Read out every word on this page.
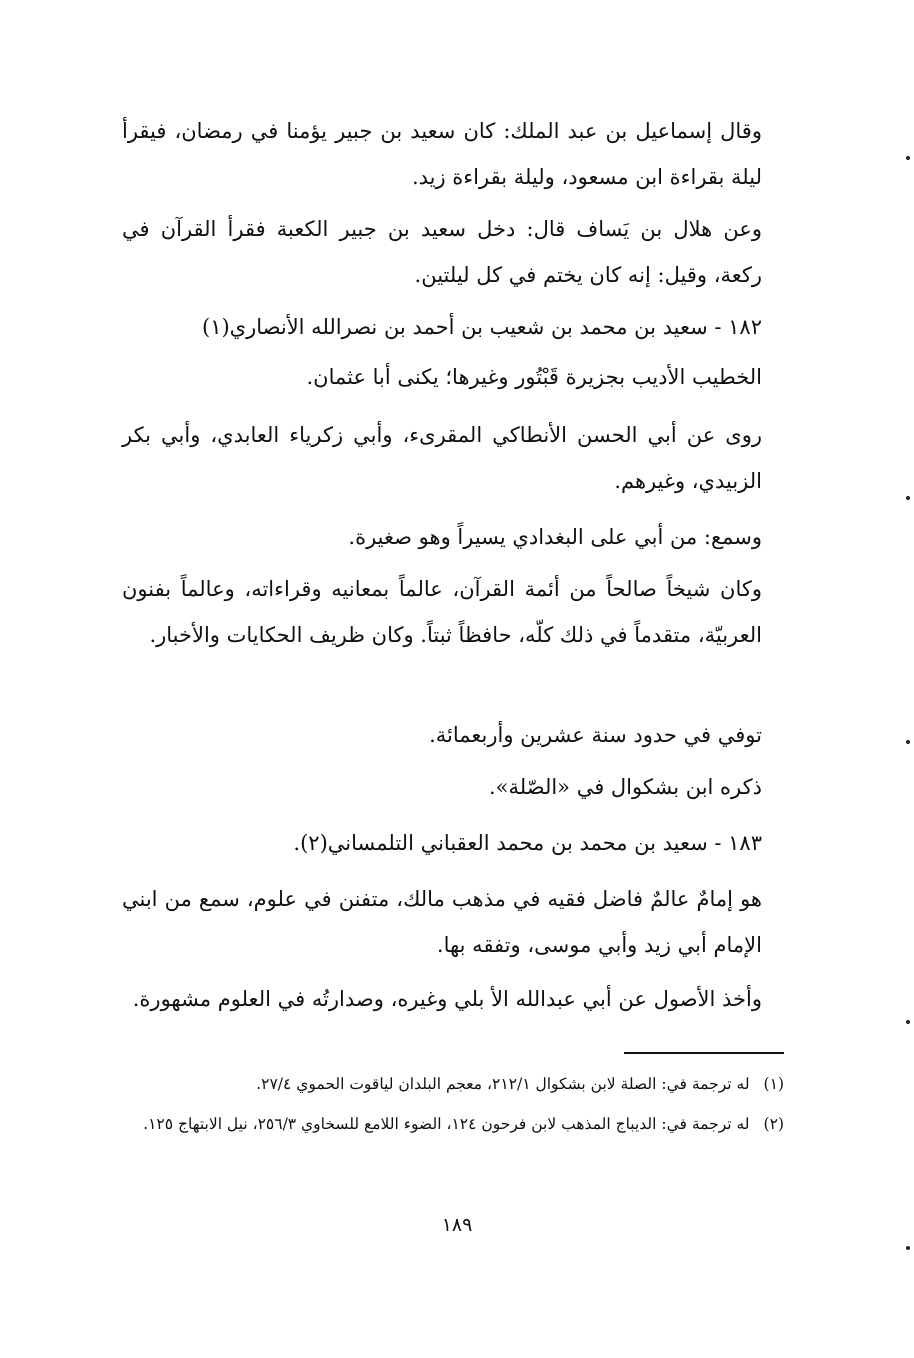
وقال إسماعيل بن عبد الملك: كان سعيد بن جبير يؤمنا في رمضان، فيقرأ ليلة بقراءة ابن مسعود، وليلة بقراءة زيد.

وعن هلال بن يَساف قال: دخل سعيد بن جبير الكعبة فقرأ القرآن في ركعة، وقيل: إنه كان يختم في كل ليلتين.

١٨٢ - سعيد بن محمد بن شعيب بن أحمد بن نصرالله الأنصاري(١)

الخطيب الأديب بجزيرة قَبْتُور وغيرها؛ يكنى أبا عثمان.

روى عن أبي الحسن الأنطاكي المقرىء، وأبي زكرياء العابدي، وأبي بكر الزبيدي، وغيرهم.

وسمع: من أبي على البغدادي يسيراً وهو صغيرة.

وكان شيخاً صالحاً من أئمة القرآن، عالماً بمعانيه وقراءاته، وعالماً بفنون العربيّة، متقدماً في ذلك كلّه، حافظاً ثبتاً. وكان ظريف الحكايات والأخبار.

توفي في حدود سنة عشرين وأربعمائة.

ذكره ابن بشكوال في «الصّلة».

١٨٣ - سعيد بن محمد بن محمد العقباني التلمساني(٢).

هو إمامٌ عالمٌ فاضل فقيه في مذهب مالك، متفنن في علوم، سمع من ابني الإمام أبي زيد وأبي موسى، وتفقه بها.

وأخذ الأصول عن أبي عبدالله الأ بلي وغيره، وصدارتُه في العلوم مشهورة.

(١)
له ترجمة في: الصلة لابن بشكوال ٢١٢/١، معجم البلدان لياقوت الحموي ٢٧/٤.
(٢)
له ترجمة في: الديباج المذهب لابن فرحون ١٢٤، الضوء اللامع للسخاوي ٢٥٦/٣، نيل الابتهاج ١٢٥.
١٨٩
